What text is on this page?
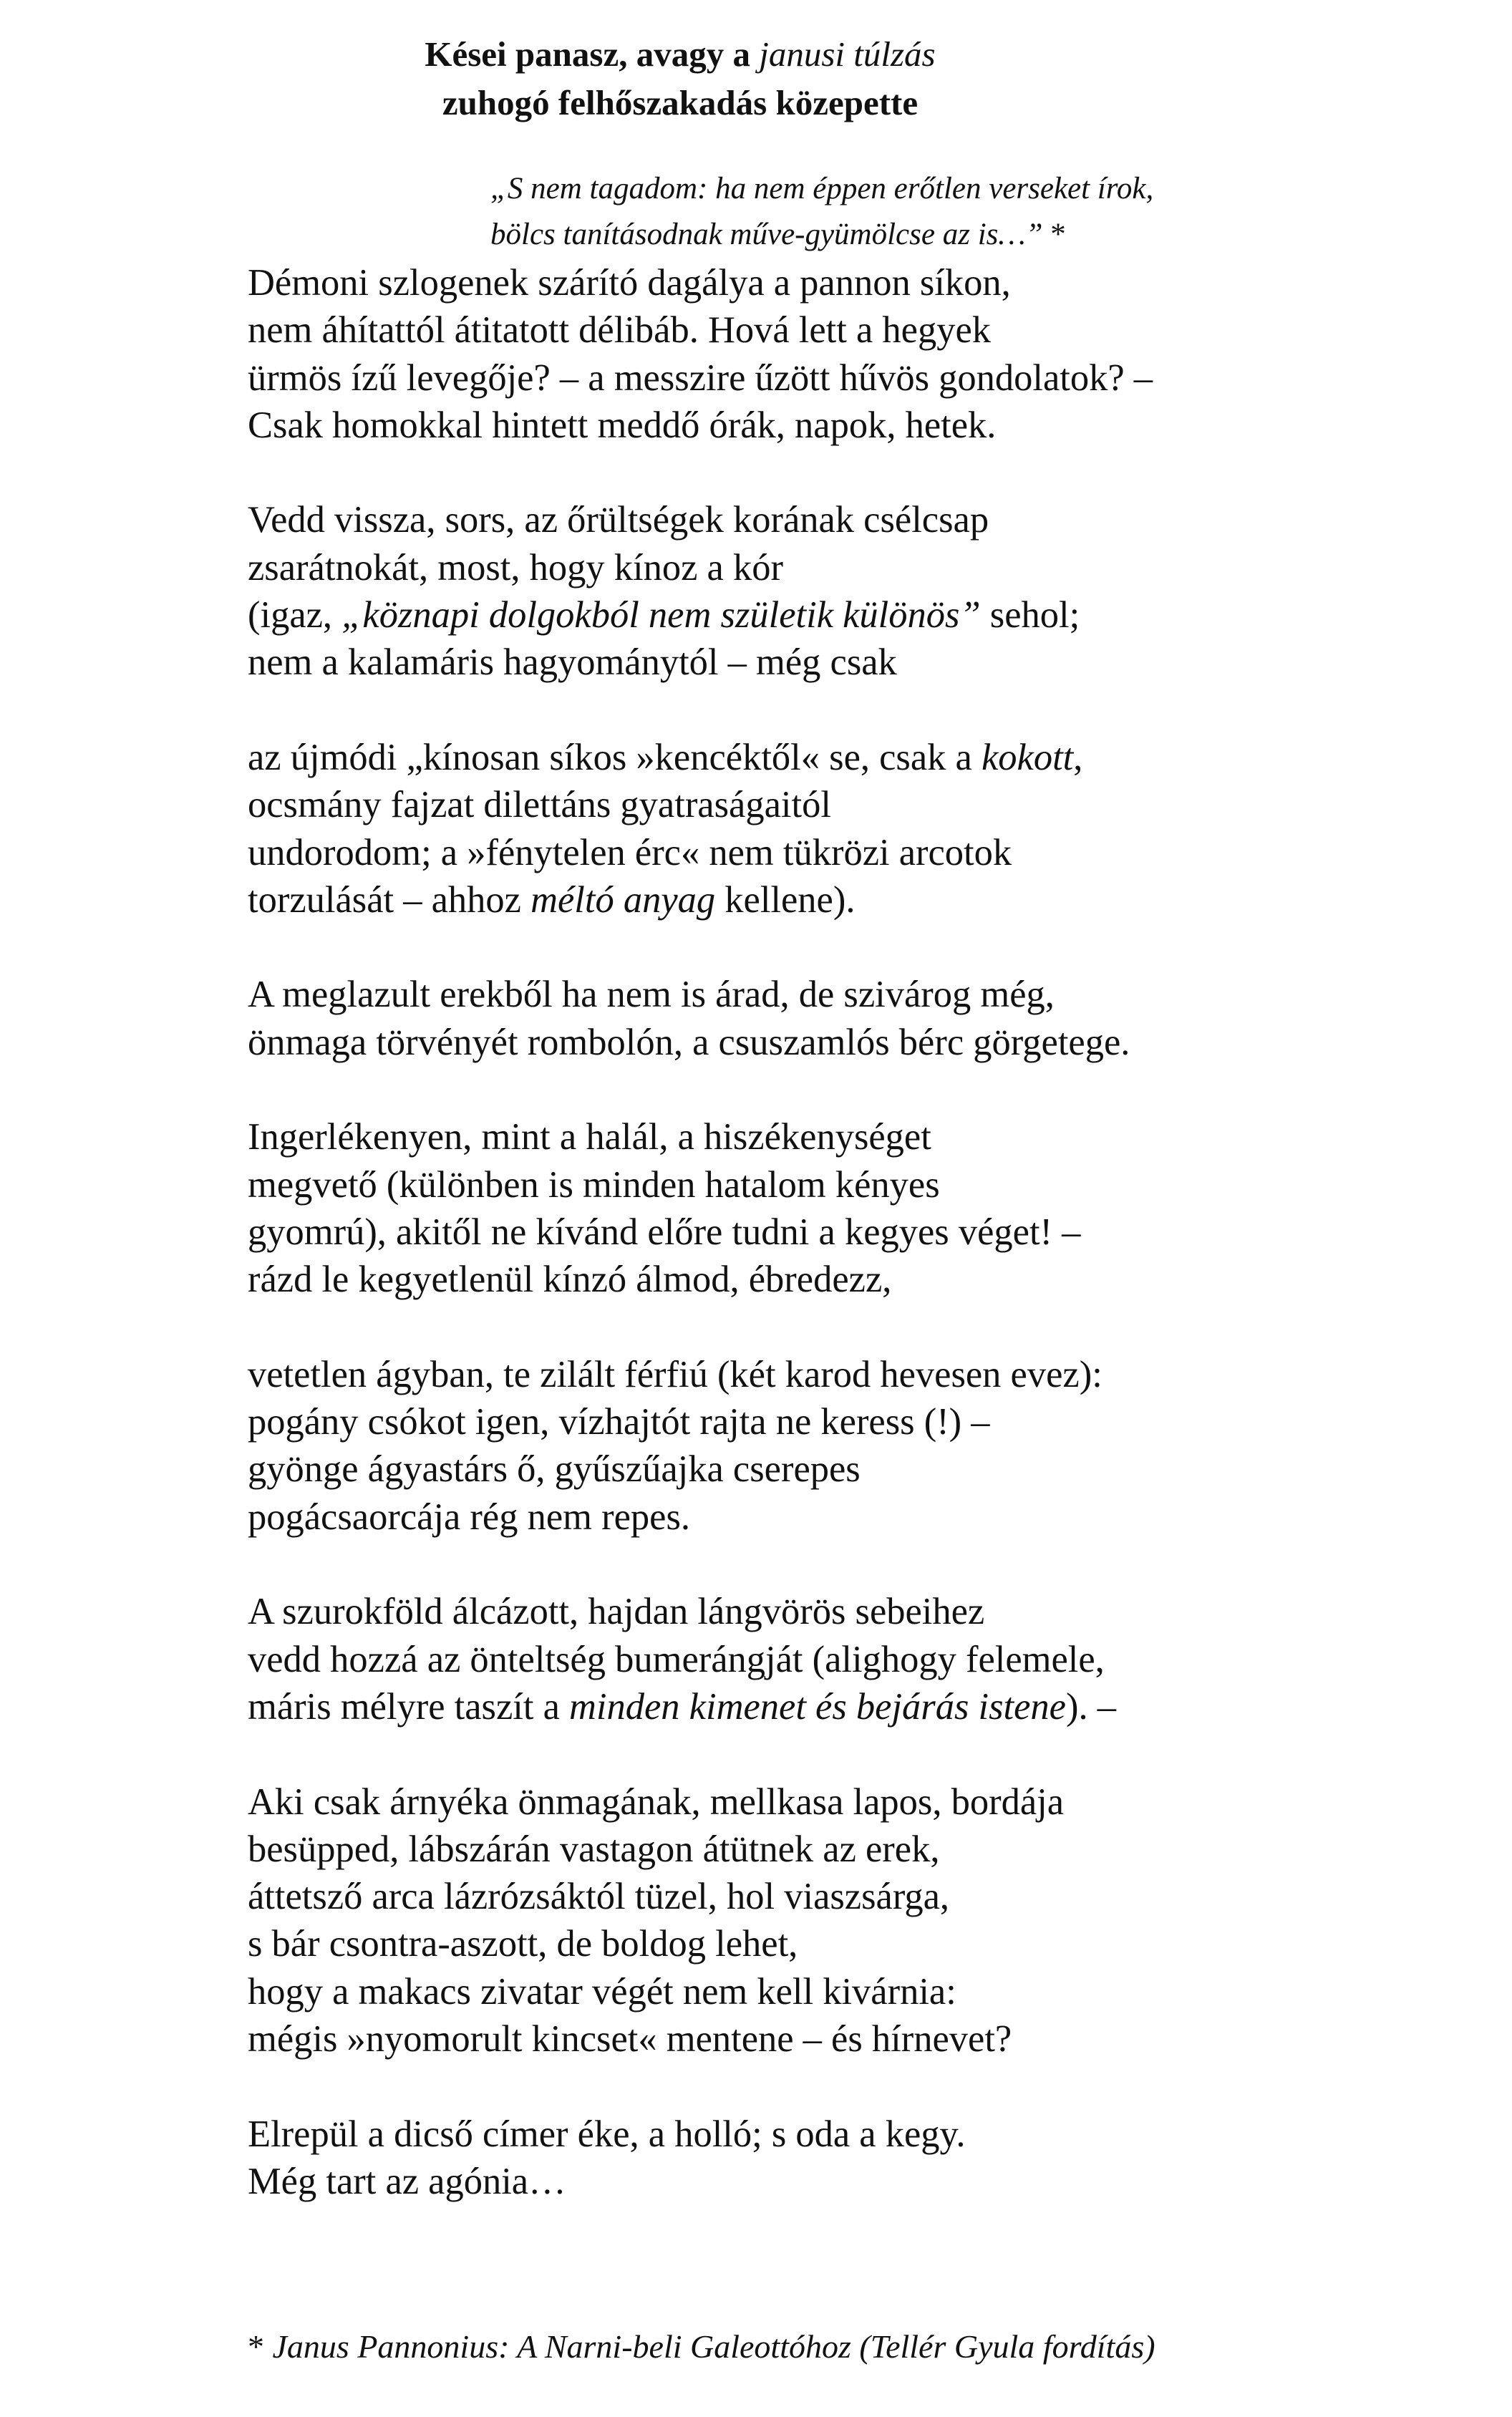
Kései panasz, avagy a janusi túlzás
zuhogó felhőszakadás közepette
„S nem tagadom: ha nem éppen erőtlen verseket írok,
bölcs tanításodnak műve-gyümölcse az is…” *
Démoni szlogenek szárító dagálya a pannon síkon,
nem áhítattól átitatott délibáb. Hová lett a hegyek
ürmös ízű levegője? – a messzire űzött hűvös gondolatok? –
Csak homokkal hintett meddő órák, napok, hetek.
Vedd vissza, sors, az őrültségek korának csélcsap
zsarátnokát, most, hogy kínoz a kór
(igaz, „köznapi dolgokból nem születik különös” sehol;
nem a kalamáris hagyománytól – még csak
az újmódi „kínosan síkos »kencéktől« se, csak a kokott,
ocsmány fajzat dilettáns gyatraságaitól
undorodom; a »fénytelen érc« nem tükrözi arcotok
torzulását – ahhoz méltó anyag kellene).
A meglazult erekből ha nem is árad, de szivárog még,
önmaga törvényét rombolón, a csuszamlós bérc görgetege.
Ingerlékenyen, mint a halál, a hiszékenységet
megvető (különben is minden hatalom kényes
gyomrú), akitől ne kívánd előre tudni a kegyes véget! –
rázd le kegyetlenül kínzó álmod, ébredezz,
vetetlen ágyban, te zilált férfiú (két karod hevesen evez):
pogány csókot igen, vízhajtót rajta ne keress (!) –
gyönge ágyastárs ő, gyűszűajka cserepes
pogácsaorcája rég nem repes.
A szurokföld álcázott, hajdan lángvörös sebeihez
vedd hozzá az önteltség bumerángját (alighogy felemele,
máris mélyre taszít a minden kimenet és bejárás istene). –
Aki csak árnyéka önmagának, mellkasa lapos, bordája
besüpped, lábszárán vastagon átütnek az erek,
áttetsző arca lázrózsáktól tüzel, hol viaszsárga,
s bár csontra-aszott, de boldog lehet,
hogy a makacs zivatar végét nem kell kivárnia:
mégis »nyomorult kincset« mentene – és hírnevet?
Elrepül a dicső címer éke, a holló; s oda a kegy.
Még tart az agónia…
* Janus Pannonius: A Narni-beli Galeottóhoz (Tellér Gyula fordítás)
